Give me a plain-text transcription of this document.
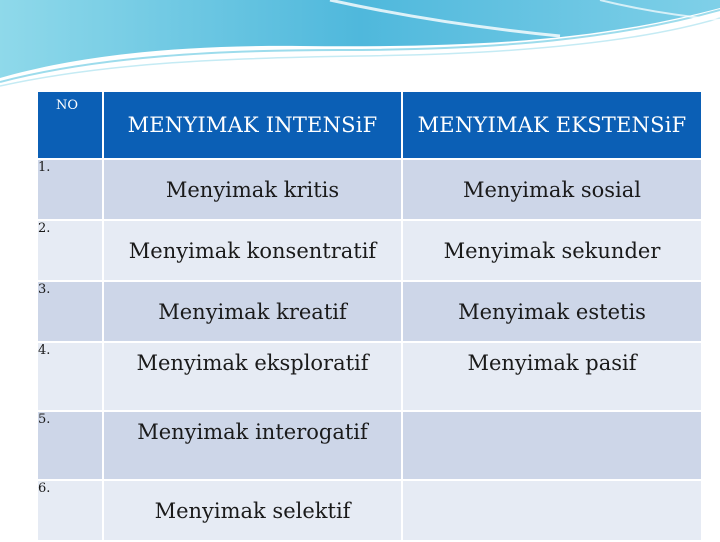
NO	MENYIMAK INTENSiF	MENYIMAK EKSTENSiF
1.	Menyimak kritis	Menyimak sosial
2.	Menyimak konsentratif	Menyimak sekunder
3.	Menyimak kreatif	Menyimak estetis
4.	Menyimak eksploratif	Menyimak pasif
5.	Menyimak interogatif	
6.	Menyimak selektif	
